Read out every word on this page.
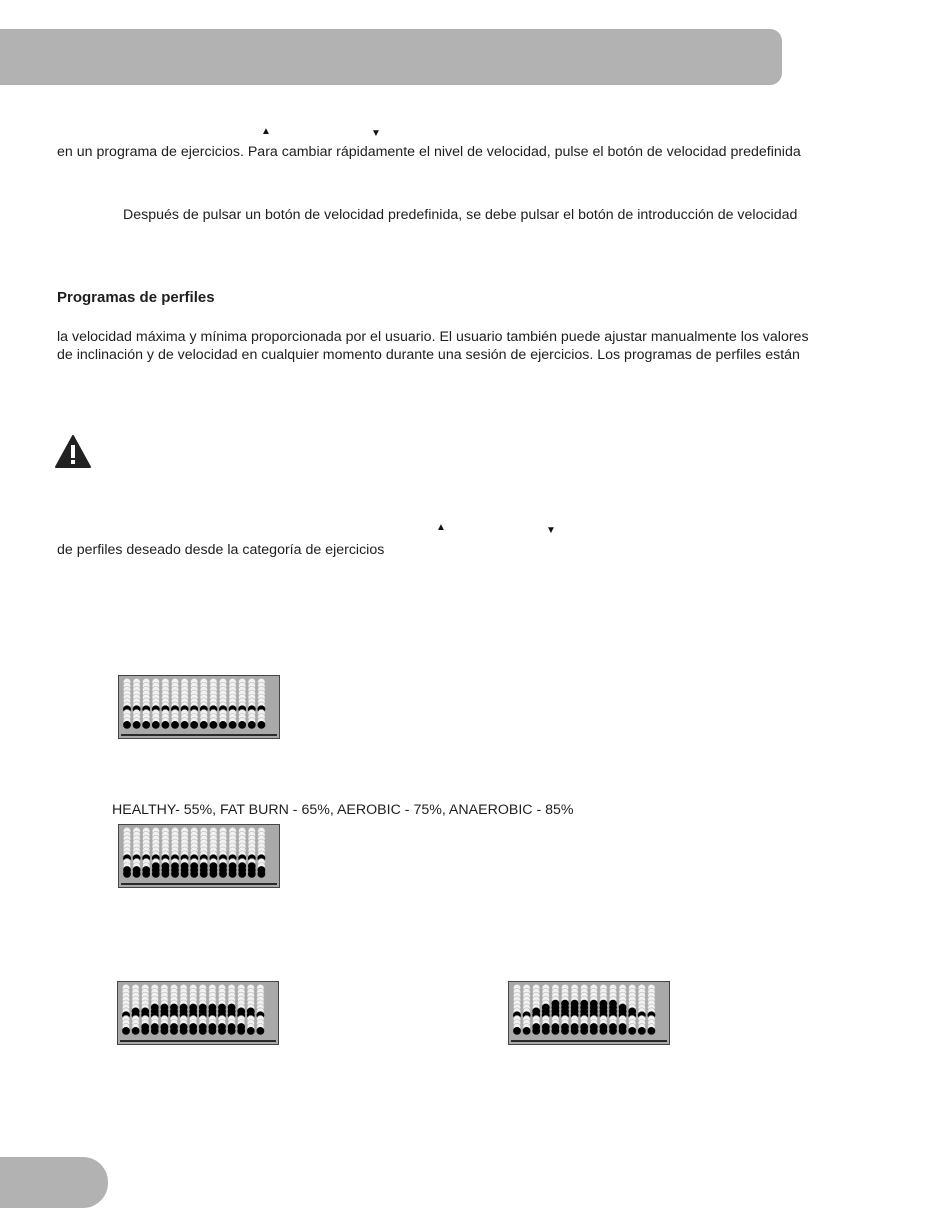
▲	▼
en un programa de ejercicios. Para cambiar rápidamente el nivel de velocidad, pulse el botón de velocidad predefinida
Después de pulsar un botón de velocidad predefinida, se debe pulsar el botón de introducción de velocidad
Programas de perfiles
la velocidad máxima y mínima proporcionada por el usuario. El usuario también puede ajustar manualmente los valores
de inclinación y de velocidad en cualquier momento durante una sesión de ejercicios. Los programas de perfiles están
▲	▼
de perfiles deseado desde la categoría de ejercicios
HEALTHY- 55%, FAT BURN - 65%, AEROBIC - 75%, ANAEROBIC - 85%
